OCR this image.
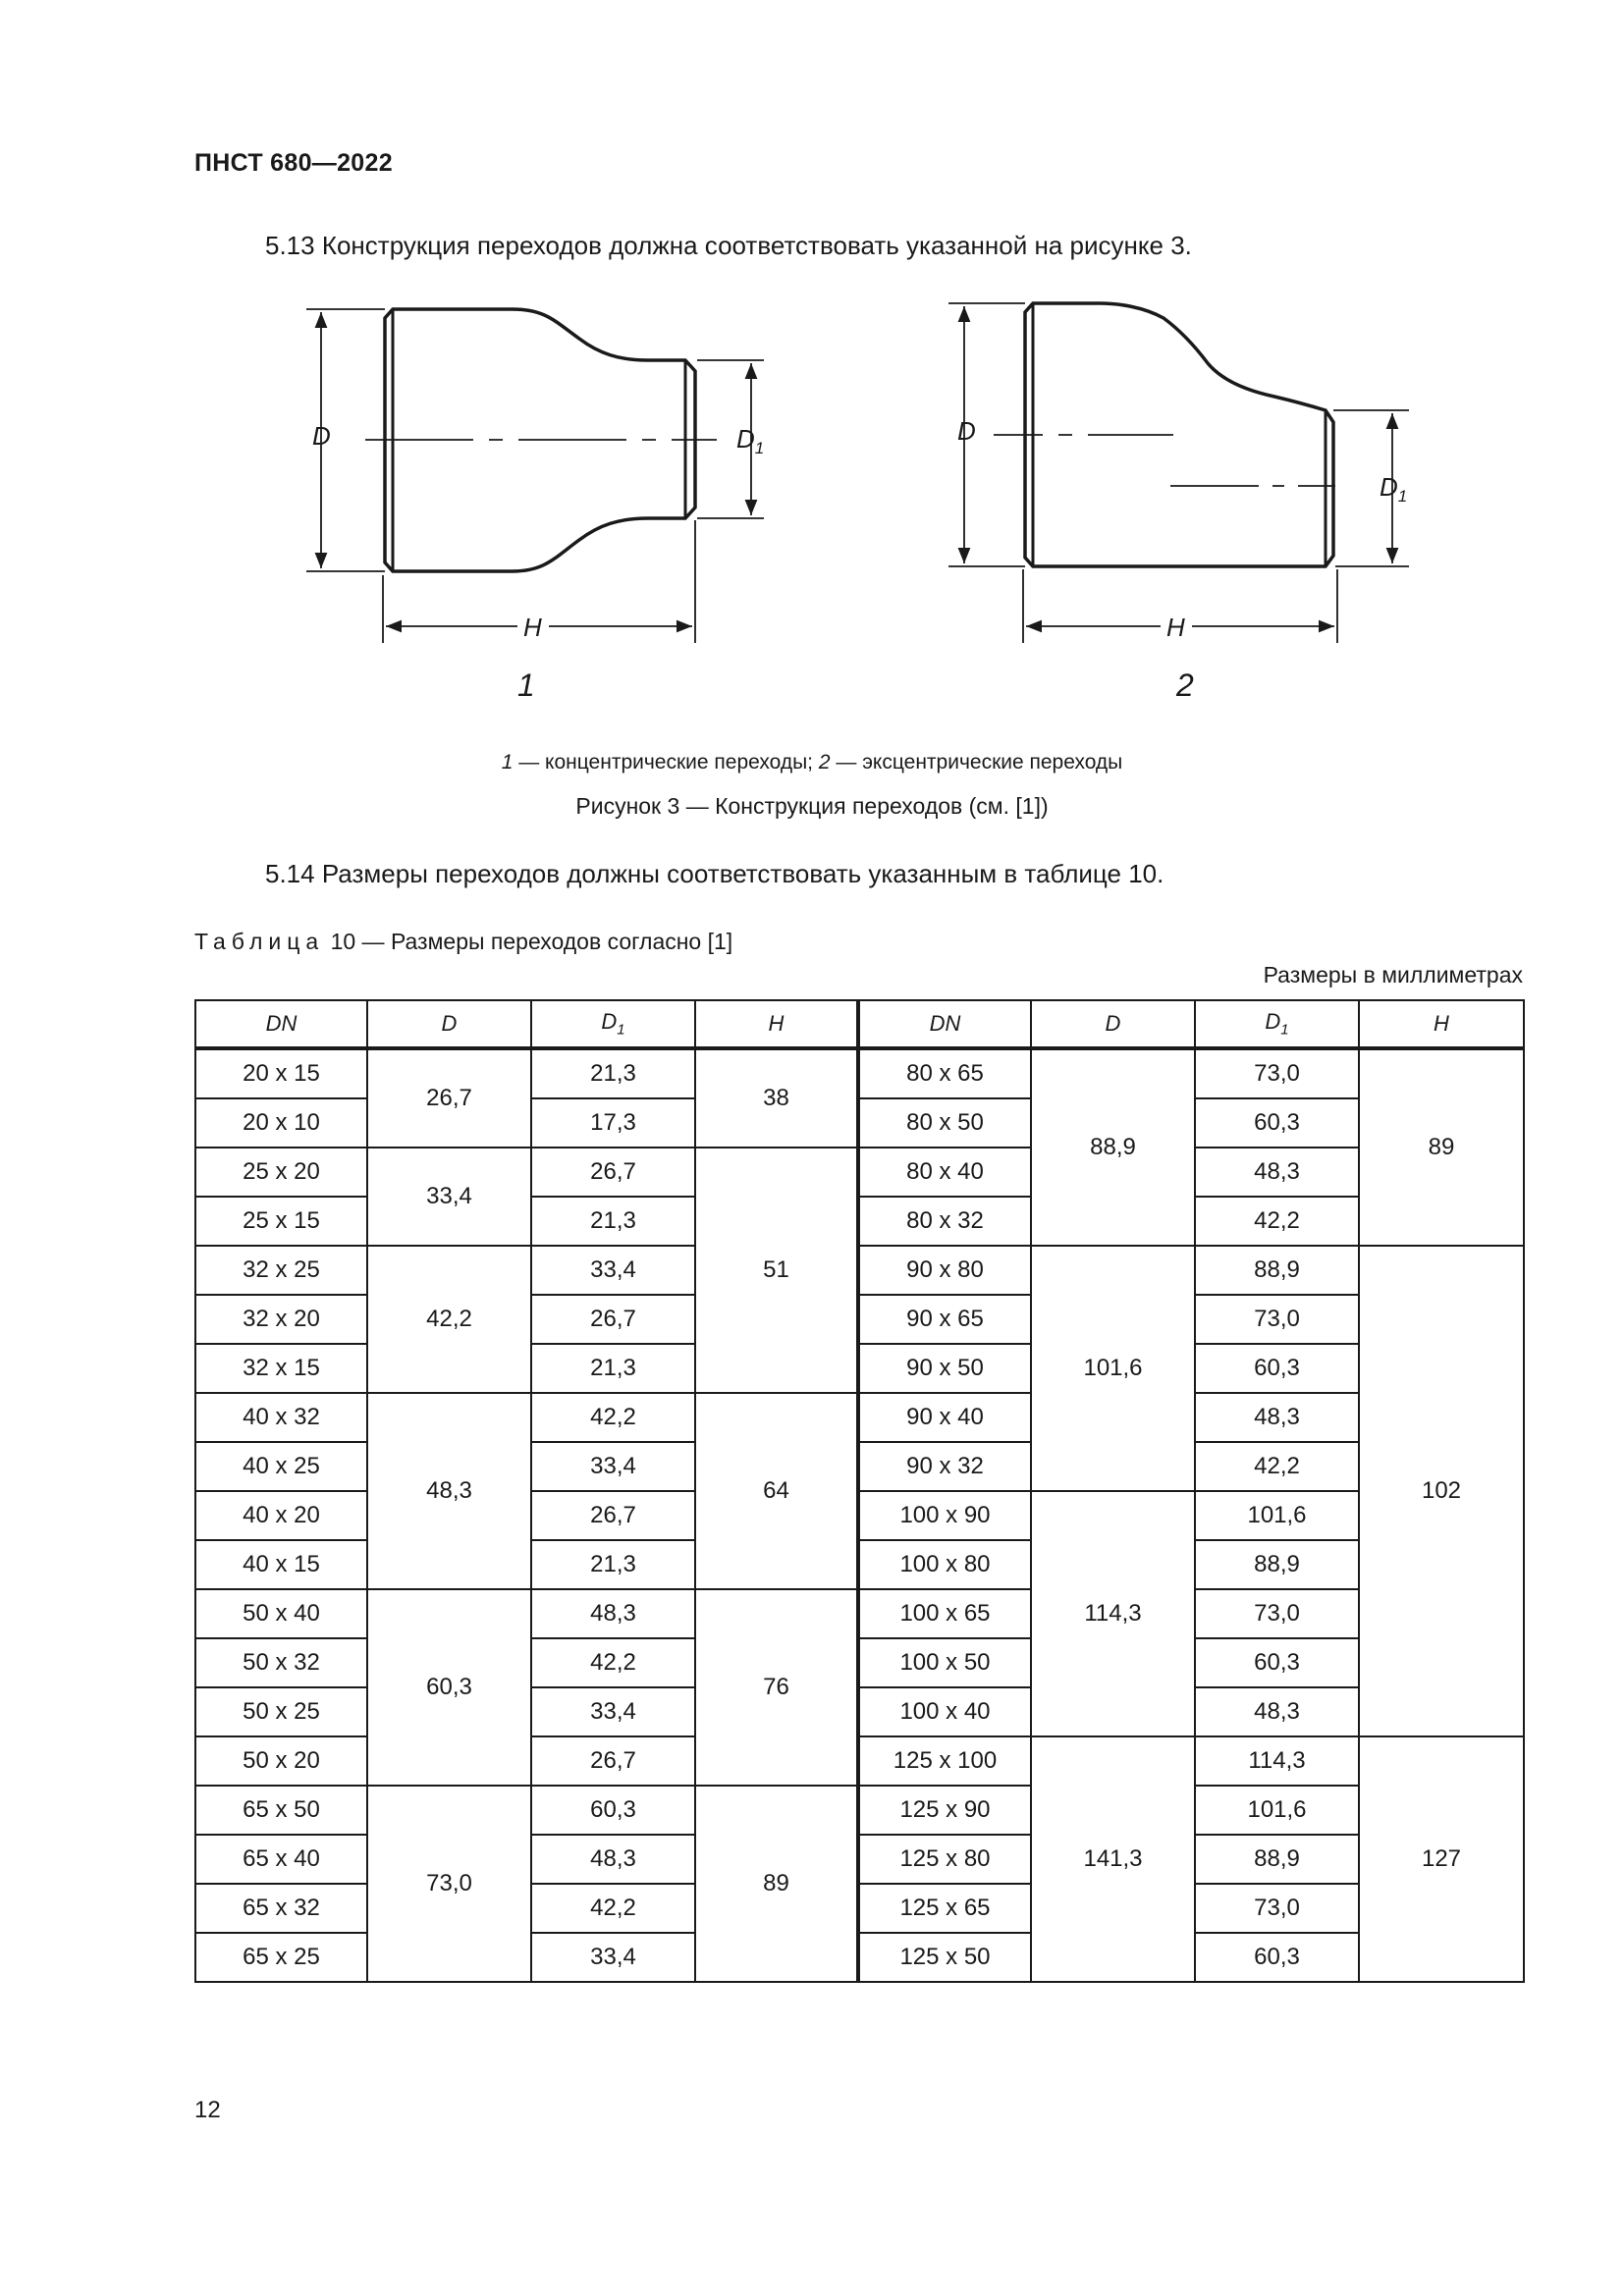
ПНСТ 680—2022
5.13 Конструкция переходов должна соответствовать указанной на рисунке 3.
D	$D_1$
H
1
D
$D_1$
H
2
1 — концентрические переходы; 2 — эксцентрические переходы
Рисунок 3 — Конструкция переходов (см. [1])
5.14 Размеры переходов должны соответствовать указанным в таблице 10.
Таблица 10 — Размеры переходов согласно [1]
Размеры в миллиметрах
DN	D	$D_1$	H	DN	D	$D_1$	H
20 x 15	26,7	21,3	38	80 x 65	88,9	73,0	89
20 x 10		17,3		80 x 50		60,3	
25 x 20	33,4	26,7	51	80 x 40		48,3	
25 x 15		21,3		80 x 32		42,2	
32 x 25	42,2	33,4		90 x 80	101,6	88,9	102
32 x 20		26,7		90 x 65		73,0	
32 x 15		21,3		90 x 50		60,3	
40 x 32	48,3	42,2	64	90 x 40		48,3	
40 x 25		33,4		90 x 32		42,2	
40 x 20		26,7		100 x 90	114,3	101,6	
40 x 15		21,3		100 x 80		88,9	
50 x 40	60,3	48,3	76	100 x 65		73,0	
50 x 32		42,2		100 x 50		60,3	
50 x 25		33,4		100 x 40		48,3	
50 x 20		26,7		125 x 100	141,3	114,3	127
65 x 50	73,0	60,3	89	125 x 90		101,6	
65 x 40		48,3		125 x 80		88,9	
65 x 32		42,2		125 x 65		73,0	
65 x 25		33,4		125 x 50		60,3	
12
